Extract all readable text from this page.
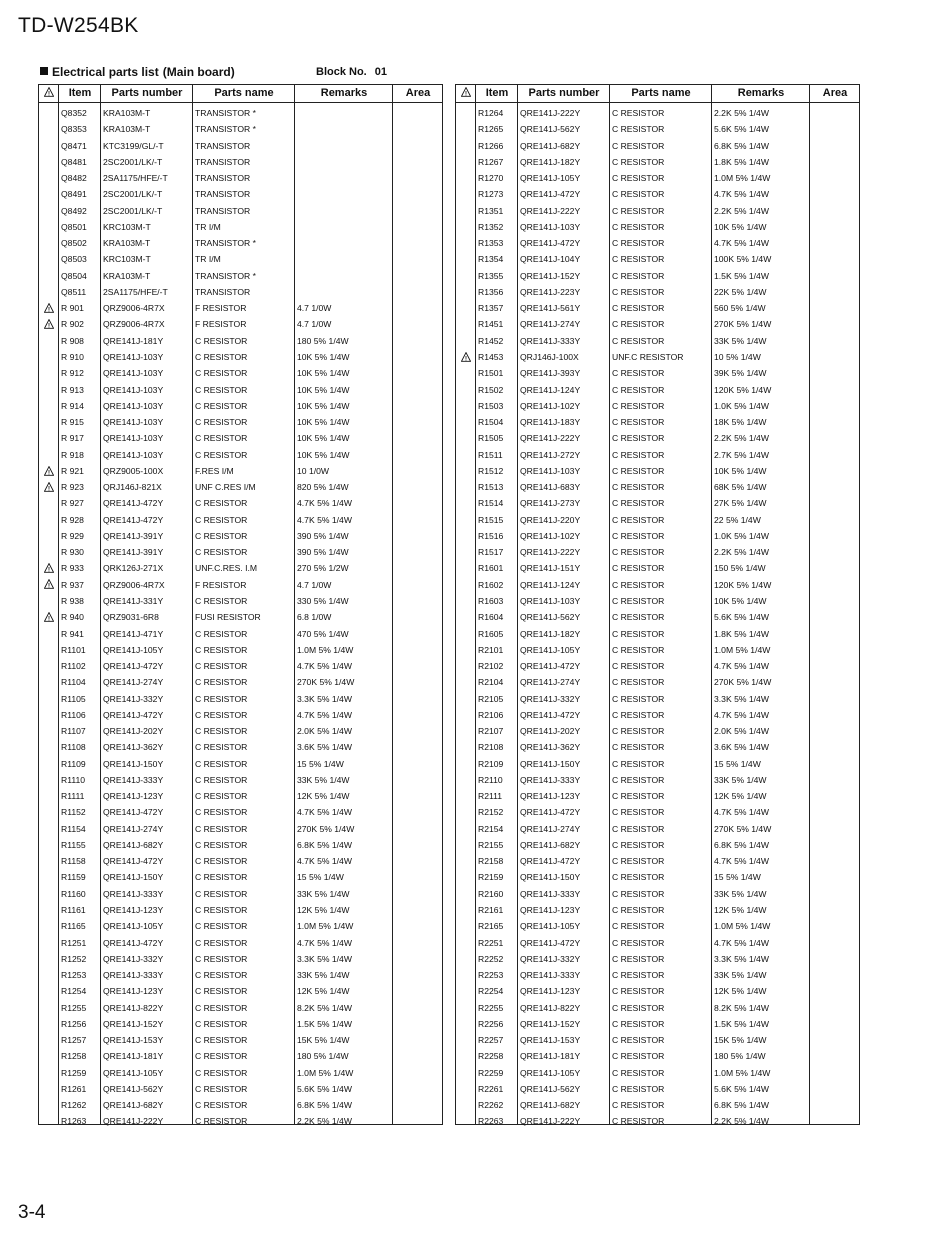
TD-W254BK
Electrical parts list (Main board)	Block No. 01
!	Item	Parts number	Parts name	Remarks	Area
Q8352	KRA103M-T	TRANSISTOR *
Q8353	KRA103M-T	TRANSISTOR *
Q8471	KTC3199/GL/-T	TRANSISTOR
Q8481	2SC2001/LK/-T	TRANSISTOR
Q8482	2SA1175/HFE/-T	TRANSISTOR
Q8491	2SC2001/LK/-T	TRANSISTOR
Q8492	2SC2001/LK/-T	TRANSISTOR
Q8501	KRC103M-T	TR I/M
Q8502	KRA103M-T	TRANSISTOR *
Q8503	KRC103M-T	TR I/M
Q8504	KRA103M-T	TRANSISTOR *
Q8511	2SA1175/HFE/-T	TRANSISTOR
! R 901	QRZ9006-4R7X	F RESISTOR	4.7 1/0W
! R 902	QRZ9006-4R7X	F RESISTOR	4.7 1/0W
R 908	QRE141J-181Y	C RESISTOR	180 5% 1/4W
R 910	QRE141J-103Y	C RESISTOR	10K 5% 1/4W
R 912	QRE141J-103Y	C RESISTOR	10K 5% 1/4W
R 913	QRE141J-103Y	C RESISTOR	10K 5% 1/4W
R 914	QRE141J-103Y	C RESISTOR	10K 5% 1/4W
R 915	QRE141J-103Y	C RESISTOR	10K 5% 1/4W
R 917	QRE141J-103Y	C RESISTOR	10K 5% 1/4W
R 918	QRE141J-103Y	C RESISTOR	10K 5% 1/4W
! R 921	QRZ9005-100X	F.RES I/M	10 1/0W
! R 923	QRJ146J-821X	UNF C.RES I/M	820 5% 1/4W
R 927	QRE141J-472Y	C RESISTOR	4.7K 5% 1/4W
R 928	QRE141J-472Y	C RESISTOR	4.7K 5% 1/4W
R 929	QRE141J-391Y	C RESISTOR	390 5% 1/4W
R 930	QRE141J-391Y	C RESISTOR	390 5% 1/4W
! R 933	QRK126J-271X	UNF.C.RES. I.M	270 5% 1/2W
! R 937	QRZ9006-4R7X	F RESISTOR	4.7 1/0W
R 938	QRE141J-331Y	C RESISTOR	330 5% 1/4W
! R 940	QRZ9031-6R8	FUSI RESISTOR	6.8 1/0W
R 941	QRE141J-471Y	C RESISTOR	470 5% 1/4W
R1101	QRE141J-105Y	C RESISTOR	1.0M 5% 1/4W
R1102	QRE141J-472Y	C RESISTOR	4.7K 5% 1/4W
R1104	QRE141J-274Y	C RESISTOR	270K 5% 1/4W
R1105	QRE141J-332Y	C RESISTOR	3.3K 5% 1/4W
R1106	QRE141J-472Y	C RESISTOR	4.7K 5% 1/4W
R1107	QRE141J-202Y	C RESISTOR	2.0K 5% 1/4W
R1108	QRE141J-362Y	C RESISTOR	3.6K 5% 1/4W
R1109	QRE141J-150Y	C RESISTOR	15 5% 1/4W
R1110	QRE141J-333Y	C RESISTOR	33K 5% 1/4W
R1111	QRE141J-123Y	C RESISTOR	12K 5% 1/4W
R1152	QRE141J-472Y	C RESISTOR	4.7K 5% 1/4W
R1154	QRE141J-274Y	C RESISTOR	270K 5% 1/4W
R1155	QRE141J-682Y	C RESISTOR	6.8K 5% 1/4W
R1158	QRE141J-472Y	C RESISTOR	4.7K 5% 1/4W
R1159	QRE141J-150Y	C RESISTOR	15 5% 1/4W
R1160	QRE141J-333Y	C RESISTOR	33K 5% 1/4W
R1161	QRE141J-123Y	C RESISTOR	12K 5% 1/4W
R1165	QRE141J-105Y	C RESISTOR	1.0M 5% 1/4W
R1251	QRE141J-472Y	C RESISTOR	4.7K 5% 1/4W
R1252	QRE141J-332Y	C RESISTOR	3.3K 5% 1/4W
R1253	QRE141J-333Y	C RESISTOR	33K 5% 1/4W
R1254	QRE141J-123Y	C RESISTOR	12K 5% 1/4W
R1255	QRE141J-822Y	C RESISTOR	8.2K 5% 1/4W
R1256	QRE141J-152Y	C RESISTOR	1.5K 5% 1/4W
R1257	QRE141J-153Y	C RESISTOR	15K 5% 1/4W
R1258	QRE141J-181Y	C RESISTOR	180 5% 1/4W
R1259	QRE141J-105Y	C RESISTOR	1.0M 5% 1/4W
R1261	QRE141J-562Y	C RESISTOR	5.6K 5% 1/4W
R1262	QRE141J-682Y	C RESISTOR	6.8K 5% 1/4W
R1263	QRE141J-222Y	C RESISTOR	2.2K 5% 1/4W
!	Item	Parts number	Parts name	Remarks	Area
R1264	QRE141J-222Y	C RESISTOR	2.2K 5% 1/4W
R1265	QRE141J-562Y	C RESISTOR	5.6K 5% 1/4W
R1266	QRE141J-682Y	C RESISTOR	6.8K 5% 1/4W
R1267	QRE141J-182Y	C RESISTOR	1.8K 5% 1/4W
R1270	QRE141J-105Y	C RESISTOR	1.0M 5% 1/4W
R1273	QRE141J-472Y	C RESISTOR	4.7K 5% 1/4W
R1351	QRE141J-222Y	C RESISTOR	2.2K 5% 1/4W
R1352	QRE141J-103Y	C RESISTOR	10K 5% 1/4W
R1353	QRE141J-472Y	C RESISTOR	4.7K 5% 1/4W
R1354	QRE141J-104Y	C RESISTOR	100K 5% 1/4W
R1355	QRE141J-152Y	C RESISTOR	1.5K 5% 1/4W
R1356	QRE141J-223Y	C RESISTOR	22K 5% 1/4W
R1357	QRE141J-561Y	C RESISTOR	560 5% 1/4W
R1451	QRE141J-274Y	C RESISTOR	270K 5% 1/4W
R1452	QRE141J-333Y	C RESISTOR	33K 5% 1/4W
! R1453	QRJ146J-100X	UNF.C RESISTOR	10 5% 1/4W
R1501	QRE141J-393Y	C RESISTOR	39K 5% 1/4W
R1502	QRE141J-124Y	C RESISTOR	120K 5% 1/4W
R1503	QRE141J-102Y	C RESISTOR	1.0K 5% 1/4W
R1504	QRE141J-183Y	C RESISTOR	18K 5% 1/4W
R1505	QRE141J-222Y	C RESISTOR	2.2K 5% 1/4W
R1511	QRE141J-272Y	C RESISTOR	2.7K 5% 1/4W
R1512	QRE141J-103Y	C RESISTOR	10K 5% 1/4W
R1513	QRE141J-683Y	C RESISTOR	68K 5% 1/4W
R1514	QRE141J-273Y	C RESISTOR	27K 5% 1/4W
R1515	QRE141J-220Y	C RESISTOR	22 5% 1/4W
R1516	QRE141J-102Y	C RESISTOR	1.0K 5% 1/4W
R1517	QRE141J-222Y	C RESISTOR	2.2K 5% 1/4W
R1601	QRE141J-151Y	C RESISTOR	150 5% 1/4W
R1602	QRE141J-124Y	C RESISTOR	120K 5% 1/4W
R1603	QRE141J-103Y	C RESISTOR	10K 5% 1/4W
R1604	QRE141J-562Y	C RESISTOR	5.6K 5% 1/4W
R1605	QRE141J-182Y	C RESISTOR	1.8K 5% 1/4W
R2101	QRE141J-105Y	C RESISTOR	1.0M 5% 1/4W
R2102	QRE141J-472Y	C RESISTOR	4.7K 5% 1/4W
R2104	QRE141J-274Y	C RESISTOR	270K 5% 1/4W
R2105	QRE141J-332Y	C RESISTOR	3.3K 5% 1/4W
R2106	QRE141J-472Y	C RESISTOR	4.7K 5% 1/4W
R2107	QRE141J-202Y	C RESISTOR	2.0K 5% 1/4W
R2108	QRE141J-362Y	C RESISTOR	3.6K 5% 1/4W
R2109	QRE141J-150Y	C RESISTOR	15 5% 1/4W
R2110	QRE141J-333Y	C RESISTOR	33K 5% 1/4W
R2111	QRE141J-123Y	C RESISTOR	12K 5% 1/4W
R2152	QRE141J-472Y	C RESISTOR	4.7K 5% 1/4W
R2154	QRE141J-274Y	C RESISTOR	270K 5% 1/4W
R2155	QRE141J-682Y	C RESISTOR	6.8K 5% 1/4W
R2158	QRE141J-472Y	C RESISTOR	4.7K 5% 1/4W
R2159	QRE141J-150Y	C RESISTOR	15 5% 1/4W
R2160	QRE141J-333Y	C RESISTOR	33K 5% 1/4W
R2161	QRE141J-123Y	C RESISTOR	12K 5% 1/4W
R2165	QRE141J-105Y	C RESISTOR	1.0M 5% 1/4W
R2251	QRE141J-472Y	C RESISTOR	4.7K 5% 1/4W
R2252	QRE141J-332Y	C RESISTOR	3.3K 5% 1/4W
R2253	QRE141J-333Y	C RESISTOR	33K 5% 1/4W
R2254	QRE141J-123Y	C RESISTOR	12K 5% 1/4W
R2255	QRE141J-822Y	C RESISTOR	8.2K 5% 1/4W
R2256	QRE141J-152Y	C RESISTOR	1.5K 5% 1/4W
R2257	QRE141J-153Y	C RESISTOR	15K 5% 1/4W
R2258	QRE141J-181Y	C RESISTOR	180 5% 1/4W
R2259	QRE141J-105Y	C RESISTOR	1.0M 5% 1/4W
R2261	QRE141J-562Y	C RESISTOR	5.6K 5% 1/4W
R2262	QRE141J-682Y	C RESISTOR	6.8K 5% 1/4W
R2263	QRE141J-222Y	C RESISTOR	2.2K 5% 1/4W
3-4
